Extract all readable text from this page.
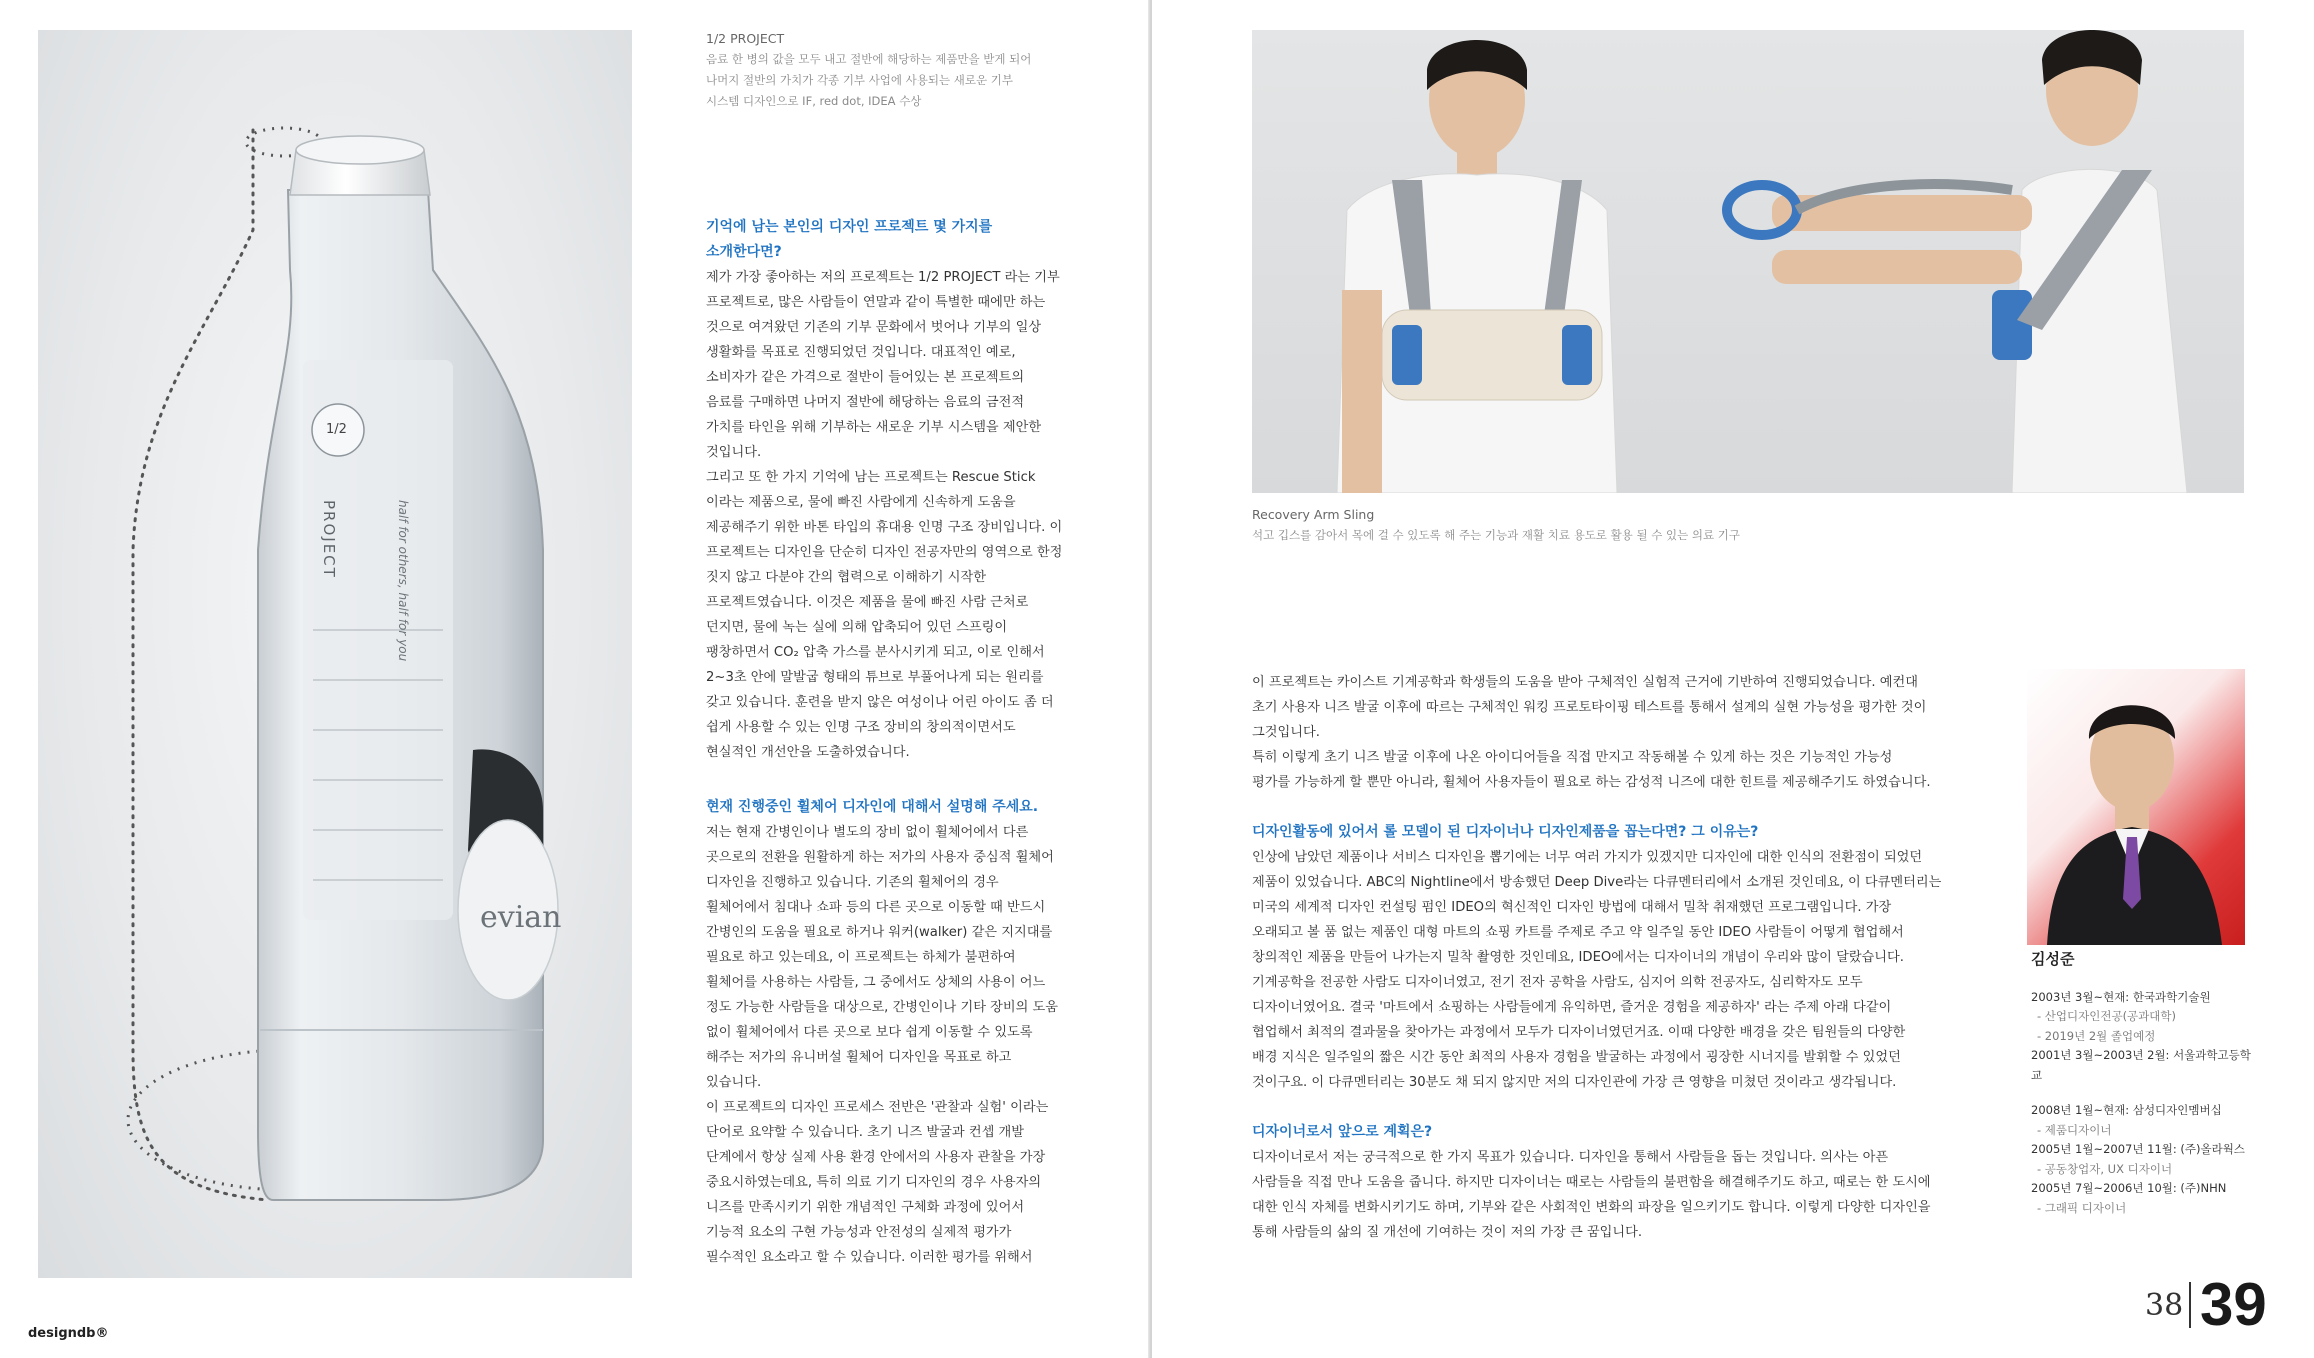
1/2
PROJECT	half for others, half for you
evian
1/2 PROJECT
음료 한 병의 값을 모두 내고 절반에 해당하는 제품만을 받게 되어
나머지 절반의 가치가 각종 기부 사업에 사용되는 새로운 기부
시스템 디자인으로 IF, red dot, IDEA 수상

기억에 남는 본인의 디자인 프로젝트 몇 가지를

소개한다면?

제가 가장 좋아하는 저의 프로젝트는 1/2 PROJECT 라는 기부

프로젝트로, 많은 사람들이 연말과 같이 특별한 때에만 하는

것으로 여겨왔던 기존의 기부 문화에서 벗어나 기부의 일상

생활화를 목표로 진행되었던 것입니다. 대표적인 예로,

소비자가 같은 가격으로 절반이 들어있는 본 프로젝트의

음료를 구매하면 나머지 절반에 해당하는 음료의 금전적

가치를 타인을 위해 기부하는 새로운 기부 시스템을 제안한

것입니다.

그리고 또 한 가지 기억에 남는 프로젝트는 Rescue Stick

이라는 제품으로, 물에 빠진 사람에게 신속하게 도움을

제공해주기 위한 바톤 타입의 휴대용 인명 구조 장비입니다. 이

프로젝트는 디자인을 단순히 디자인 전공자만의 영역으로 한정

짓지 않고 다분야 간의 협력으로 이해하기 시작한

프로젝트였습니다. 이것은 제품을 물에 빠진 사람 근처로

던지면, 물에 녹는 실에 의해 압축되어 있던 스프링이

팽창하면서 CO₂ 압축 가스를 분사시키게 되고, 이로 인해서

2~3초 안에 말발굽 형태의 튜브로 부풀어나게 되는 원리를

갖고 있습니다. 훈련을 받지 않은 여성이나 어린 아이도 좀 더

쉽게 사용할 수 있는 인명 구조 장비의 창의적이면서도

현실적인 개선안을 도출하였습니다.

현재 진행중인 휠체어 디자인에 대해서 설명해 주세요.

저는 현재 간병인이나 별도의 장비 없이 휠체어에서 다른

곳으로의 전환을 원활하게 하는 저가의 사용자 중심적 휠체어

디자인을 진행하고 있습니다. 기존의 휠체어의 경우

휠체어에서 침대나 쇼파 등의 다른 곳으로 이동할 때 반드시

간병인의 도움을 필요로 하거나 워커(walker) 같은 지지대를

필요로 하고 있는데요, 이 프로젝트는 하체가 불편하여

휠체어를 사용하는 사람들, 그 중에서도 상체의 사용이 어느

정도 가능한 사람들을 대상으로, 간병인이나 기타 장비의 도움

없이 휠체어에서 다른 곳으로 보다 쉽게 이동할 수 있도록

해주는 저가의 유니버설 휠체어 디자인을 목표로 하고

있습니다.

이 프로젝트의 디자인 프로세스 전반은 '관찰과 실험' 이라는

단어로 요약할 수 있습니다. 초기 니즈 발굴과 컨셉 개발

단계에서 항상 실제 사용 환경 안에서의 사용자 관찰을 가장

중요시하였는데요, 특히 의료 기기 디자인의 경우 사용자의

니즈를 만족시키기 위한 개념적인 구체화 과정에 있어서

기능적 요소의 구현 가능성과 안전성의 실제적 평가가

필수적인 요소라고 할 수 있습니다. 이러한 평가를 위해서

designdb®
Recovery Arm Sling
석고 깁스를 감아서 목에 걸 수 있도록 해 주는 기능과 재활 치료 용도로 활용 될 수 있는 의료 기구

이 프로젝트는 카이스트 기계공학과 학생들의 도움을 받아 구체적인 실험적 근거에 기반하여 진행되었습니다. 예컨대

초기 사용자 니즈 발굴 이후에 따르는 구체적인 워킹 프로토타이핑 테스트를 통해서 설계의 실현 가능성을 평가한 것이

그것입니다.

특히 이렇게 초기 니즈 발굴 이후에 나온 아이디어들을 직접 만지고 작동해볼 수 있게 하는 것은 기능적인 가능성

평가를 가능하게 할 뿐만 아니라, 휠체어 사용자들이 필요로 하는 감성적 니즈에 대한 힌트를 제공해주기도 하였습니다.

디자인활동에 있어서 롤 모델이 된 디자이너나 디자인제품을 꼽는다면? 그 이유는?

인상에 남았던 제품이나 서비스 디자인을 뽑기에는 너무 여러 가지가 있겠지만 디자인에 대한 인식의 전환점이 되었던

제품이 있었습니다. ABC의 Nightline에서 방송했던 Deep Dive라는 다큐멘터리에서 소개된 것인데요, 이 다큐멘터리는

미국의 세계적 디자인 컨설팅 펌인 IDEO의 혁신적인 디자인 방법에 대해서 밀착 취재했던 프로그램입니다. 가장

오래되고 볼 품 없는 제품인 대형 마트의 쇼핑 카트를 주제로 주고 약 일주일 동안 IDEO 사람들이 어떻게 협업해서

창의적인 제품을 만들어 나가는지 밀착 촬영한 것인데요, IDEO에서는 디자이너의 개념이 우리와 많이 달랐습니다.

기계공학을 전공한 사람도 디자이너였고, 전기 전자 공학을 사람도, 심지어 의학 전공자도, 심리학자도 모두

디자이너였어요. 결국 '마트에서 쇼핑하는 사람들에게 유익하면, 즐거운 경험을 제공하자' 라는 주제 아래 다같이

협업해서 최적의 결과물을 찾아가는 과정에서 모두가 디자이너였던거죠. 이때 다양한 배경을 갖은 팀원들의 다양한

배경 지식은 일주일의 짧은 시간 동안 최적의 사용자 경험을 발굴하는 과정에서 굉장한 시너지를 발휘할 수 있었던

것이구요. 이 다큐멘터리는 30분도 채 되지 않지만 저의 디자인관에 가장 큰 영향을 미쳤던 것이라고 생각됩니다.

디자이너로서 앞으로 계획은?

디자이너로서 저는 궁극적으로 한 가지 목표가 있습니다. 디자인을 통해서 사람들을 돕는 것입니다. 의사는 아픈

사람들을 직접 만나 도움을 줍니다. 하지만 디자이너는 때로는 사람들의 불편함을 해결해주기도 하고, 때로는 한 도시에

대한 인식 자체를 변화시키기도 하며, 기부와 같은 사회적인 변화의 파장을 일으키기도 합니다. 이렇게 다양한 디자인을

통해 사람들의 삶의 질 개선에 기여하는 것이 저의 가장 큰 꿈입니다.

김성준

2003년 3월~현재: 한국과학기술원

- 산업디자인전공(공과대학)

- 2019년 2월 졸업예정

2001년 3월~2003년 2월: 서울과학고등학교

2008년 1월~현재: 삼성디자인멤버십

- 제품디자이너

2005년 1월~2007년 11월: (주)올라웍스

- 공동창업자, UX 디자이너

2005년 7월~2006년 10월: (주)NHN

- 그래픽 디자이너

38 39
